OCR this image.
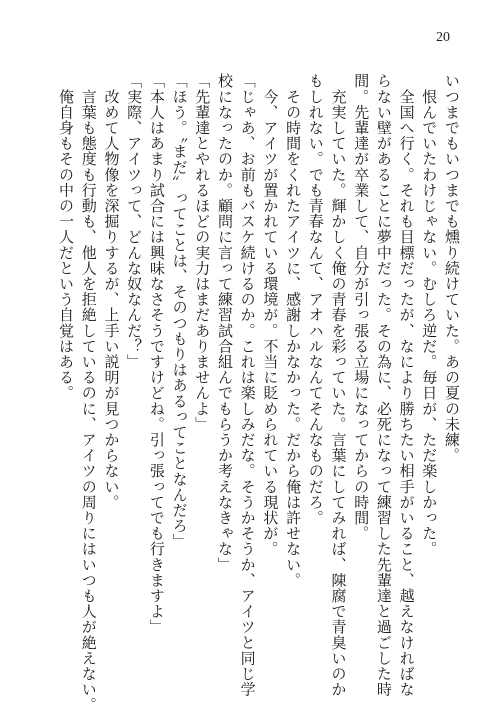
20
いつまでもいつまでも燻り続けていた。あの夏の未練。
　恨んでいたわけじゃない。むしろ逆だ。毎日が、ただ楽しかった。
　全国へ行く。それも目標だったが、なにより勝ちたい相手がいること、越えなければな
らない壁があることに夢中だった。その為に、必死になって練習した先輩達と過ごした時
間。先輩達が卒業して、自分が引っ張る立場になってからの時間。
　充実していた。輝かしく俺の青春を彩っていた。言葉にしてみれば、陳腐で青臭いのか
もしれない。でも青春なんて、アオハルなんてそんなものだろ。
　その時間をくれたアイツに、感謝しかなかった。だから俺は許せない。
　今、アイツが置かれている環境が。不当に貶められている現状が。
「じゃあ、お前もバスケ続けるのか。これは楽しみだな。そうかそうか、アイツと同じ学
校になったのか。顧問に言って練習試合組んでもらうか考えなきゃな」
「先輩達とやれるほどの実力はまだありませんよ」
「ほう。〝まだ〟ってことは、そのつもりはあるってことなんだろ」
「本人はあまり試合には興味なさそうですけどね。引っ張ってでも行きますよ」
「実際、アイツって、どんな奴なんだ？」
　改めて人物像を深掘りするが、上手い説明が見つからない。
　言葉も態度も行動も、他人を拒絶しているのに、アイツの周りにはいつも人が絶えない。
　俺自身もその中の一人だという自覚はある。
